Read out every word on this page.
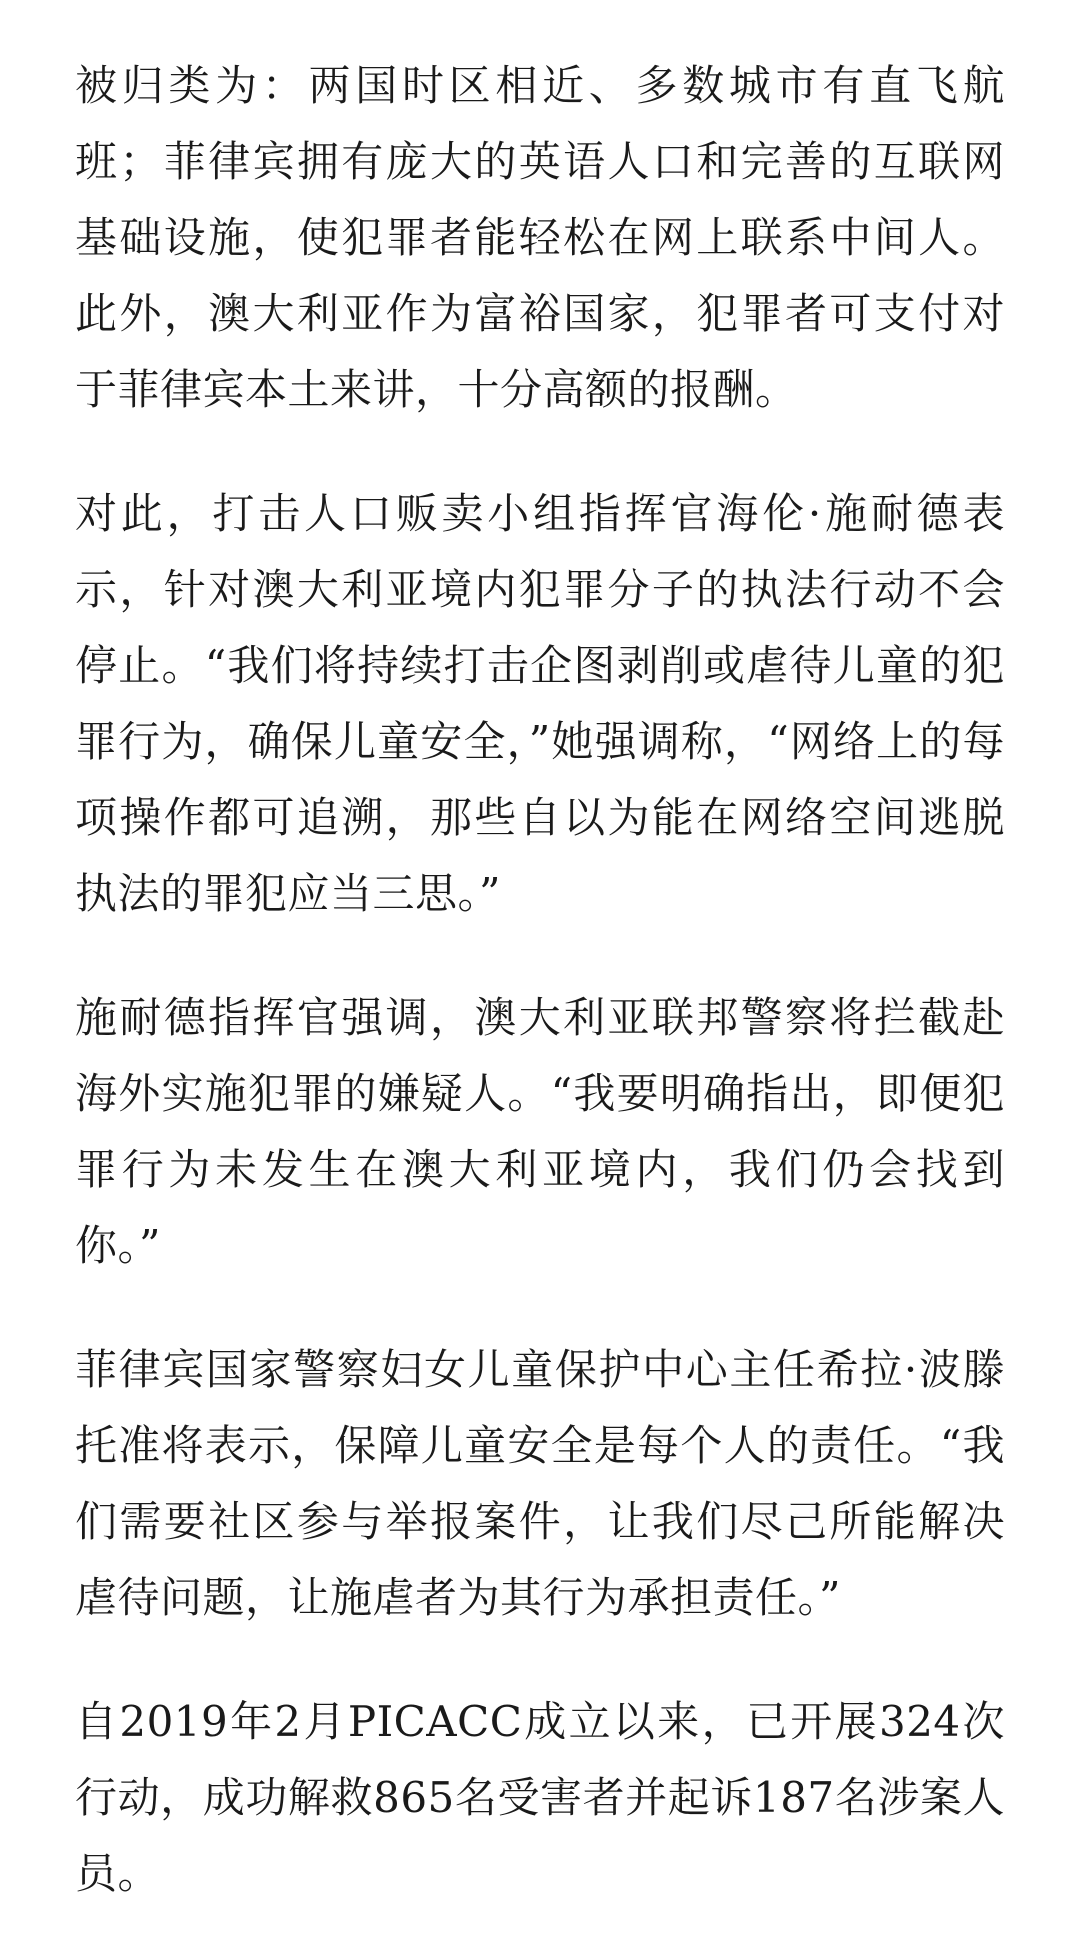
被归类为：两国时区相近、多数城市有直飞航班；菲律宾拥有庞大的英语人口和完善的互联网基础设施，使犯罪者能轻松在网上联系中间人。此外，澳大利亚作为富裕国家，犯罪者可支付对于菲律宾本土来讲，十分高额的报酬。

对此，打击人口贩卖小组指挥官海伦·施耐德表示，针对澳大利亚境内犯罪分子的执法行动不会停止。“我们将持续打击企图剥削或虐待儿童的犯罪行为，确保儿童安全，”她强调称，“网络上的每项操作都可追溯，那些自以为能在网络空间逃脱执法的罪犯应当三思。”

施耐德指挥官强调，澳大利亚联邦警察将拦截赴海外实施犯罪的嫌疑人。“我要明确指出，即便犯罪行为未发生在澳大利亚境内，我们仍会找到你。”

菲律宾国家警察妇女儿童保护中心主任希拉·波滕托准将表示，保障儿童安全是每个人的责任。“我们需要社区参与举报案件，让我们尽己所能解决虐待问题，让施虐者为其行为承担责任。”

自2019年2月PICACC成立以来，已开展324次行动，成功解救865名受害者并起诉187名涉案人员。
